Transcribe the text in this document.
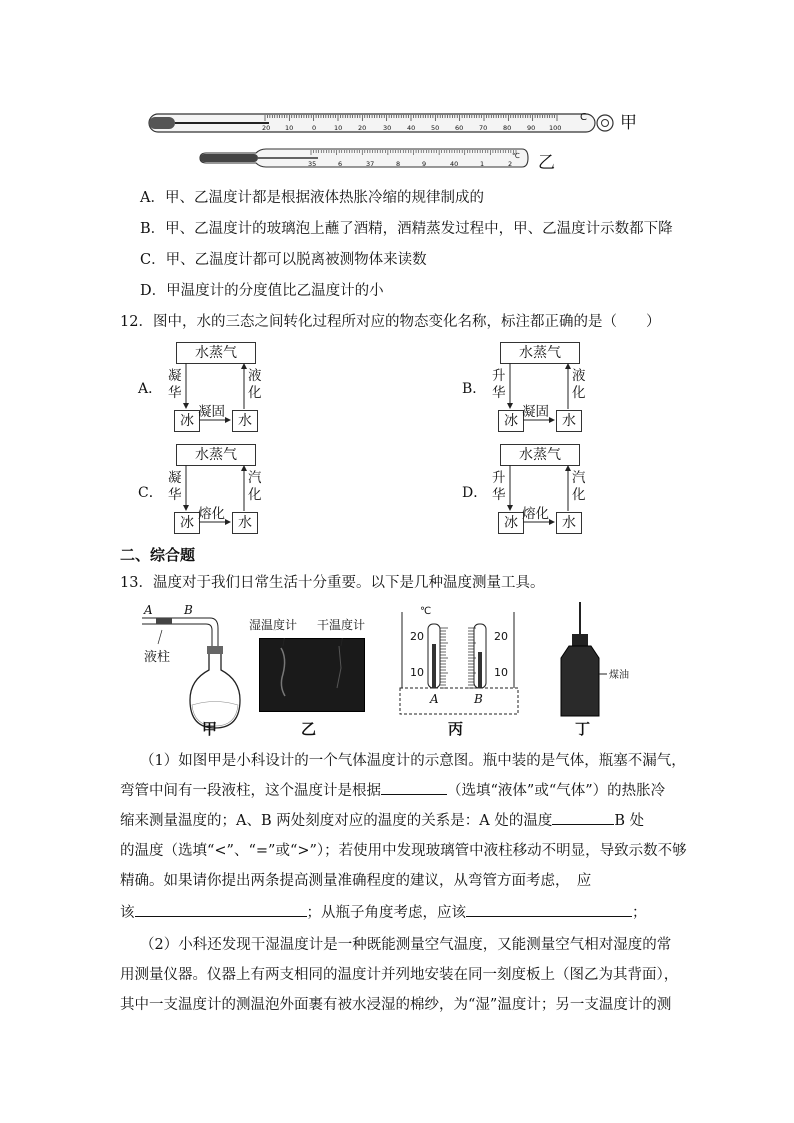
20 10	0	10 20	30 40 50 60 70 80 90 100
C 甲
35	6	37	8	9	40	1	2
℃ 乙
A．甲、乙温度计都是根据液体热胀冷缩的规律制成的
B．甲、乙温度计的玻璃泡上蘸了酒精，酒精蒸发过程中，甲、乙温度计示数都下降
C．甲、乙温度计都可以脱离被测物体来读数
D．甲温度计的分度值比乙温度计的小
12．图中，水的三态之间转化过程所对应的物态变化名称，标注都正确的是（　　）
A．
水蒸气
冰	水
凝华
液化
凝固
B．
水蒸气
冰	水
升华
液化
凝固
C．
水蒸气
冰	水
凝华
汽化
熔化
D．
水蒸气
冰	水
升华
汽化
熔化
二、综合题
13．温度对于我们日常生活十分重要。以下是几种温度测量工具。
A	B
液柱
甲
湿温度计 干温度计
乙
℃
20
10
20
10
A	B
丙
煤油
丁
（1）如图甲是小科设计的一个气体温度计的示意图。瓶中装的是气体，瓶塞不漏气，
弯管中间有一段液柱，这个温度计是根据	（选填“液体”或“气体”）的热胀冷
缩来测量温度的；A、B 两处刻度对应的温度的关系是：A 处的温度	B 处
的温度（选填“<”、“=”或“>”）；若使用中发现玻璃管中液柱移动不明显，导致示数不够
精确。如果请你提出两条提高测量准确程度的建议，从弯管方面考虑，　应
该	；从瓶子角度考虑，应该	；
（2）小科还发现干湿温度计是一种既能测量空气温度，又能测量空气相对湿度的常
用测量仪器。仪器上有两支相同的温度计并列地安装在同一刻度板上（图乙为其背面），
其中一支温度计的测温泡外面裹有被水浸湿的棉纱，为“湿”温度计；另一支温度计的测
